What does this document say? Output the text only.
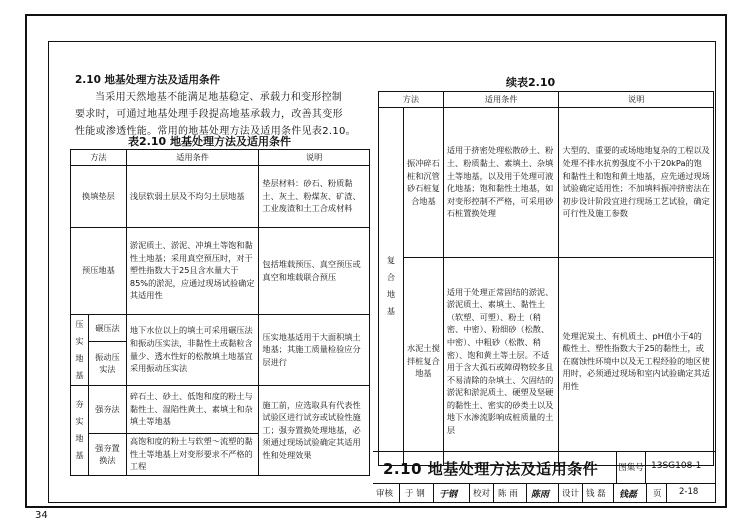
2.10 地基处理方法及适用条件
当采用天然地基不能满足地基稳定、承载力和变形控制
要求时，可通过地基处理手段提高地基承载力，改善其变形
性能或渗透性能。常用的地基处理方法及适用条件见表2.10。
表2.10 地基处理方法及适用条件
方法		适用条件	说明
换填垫层		浅层软弱土层及不均匀土层地基	垫层材料：砂石、粉质黏土、灰土、粉煤灰、矿渣、工业废渣和土工合成材料
预压地基		淤泥质土、淤泥、冲填土等饱和黏性土地基；采用真空预压时，对于塑性指数大于25且含水量大于85%的淤泥，应通过现场试验确定其适用性	包括堆载预压、真空预压或真空和堆载联合预压
压
实
地
基	碾压法	地下水位以上的填土可采用碾压法和振动压实法，非黏性土或黏粒含量少、透水性好的松散填土地基宜采用振动压实法	压实地基适用于大面积填土地基；其施工质量检验应分层进行
	振动压实法		
夯
实
地
基	强夯法	碎石土、砂土、低饱和度的粉土与黏性土、湿陷性黄土、素填土和杂填土等地基	施工前，应选取具有代表性试验区进行试夯或试验性施工；强夯置换处理地基，必须通过现场试验确定其适用性和处理效果
	强夯置换法	高饱和度的粉土与软塑～流塑的黏性土等地基上对变形要求不严格的工程	
续表2.10
方法		适用条件	说明
复
合
地
基	振冲碎石桩和沉管砂石桩复合地基	适用于挤密处理松散砂土、粉土、粉质黏土、素填土、杂填土等地基，以及用于处理可液化地基；饱和黏性土地基，如对变形控制不严格，可采用砂石桩置换处理	大型的、重要的或场地地复杂的工程以及处理不排水抗剪强度不小于20kPa的饱和黏性土和饱和黄土地基，应先通过现场试验确定适用性；不加填料振冲挤密法在初步设计阶段宜进行现场工艺试验，确定可行性及施工参数
	水泥土搅拌桩复合地基	适用于处理正常固结的淤泥、淤泥质土、素填土、黏性土（软塑、可塑）、粉土（稍密、中密）、粉细砂（松散、中密）、中粗砂（松散、稍密）、饱和黄土等土层。不适用于含大孤石或障碍物较多且不易清除的杂填土、欠固结的淤泥和淤泥质土、硬塑及坚硬的黏性土、密实的砂类土以及地下水渗流影响成桩质量的土层	处理泥炭土、有机质土、pH值小于4的酸性土、塑性指数大于25的黏性土，或在腐蚀性环境中以及无工程经验的地区使用时，必须通过现场和室内试验确定其适用性
2.10 地基处理方法及适用条件 图集号 13SG108-1
审核 于 钢 于钢 校对 陈 雨 陈雨 设计 钱 磊 钱磊 页 2-18
34
